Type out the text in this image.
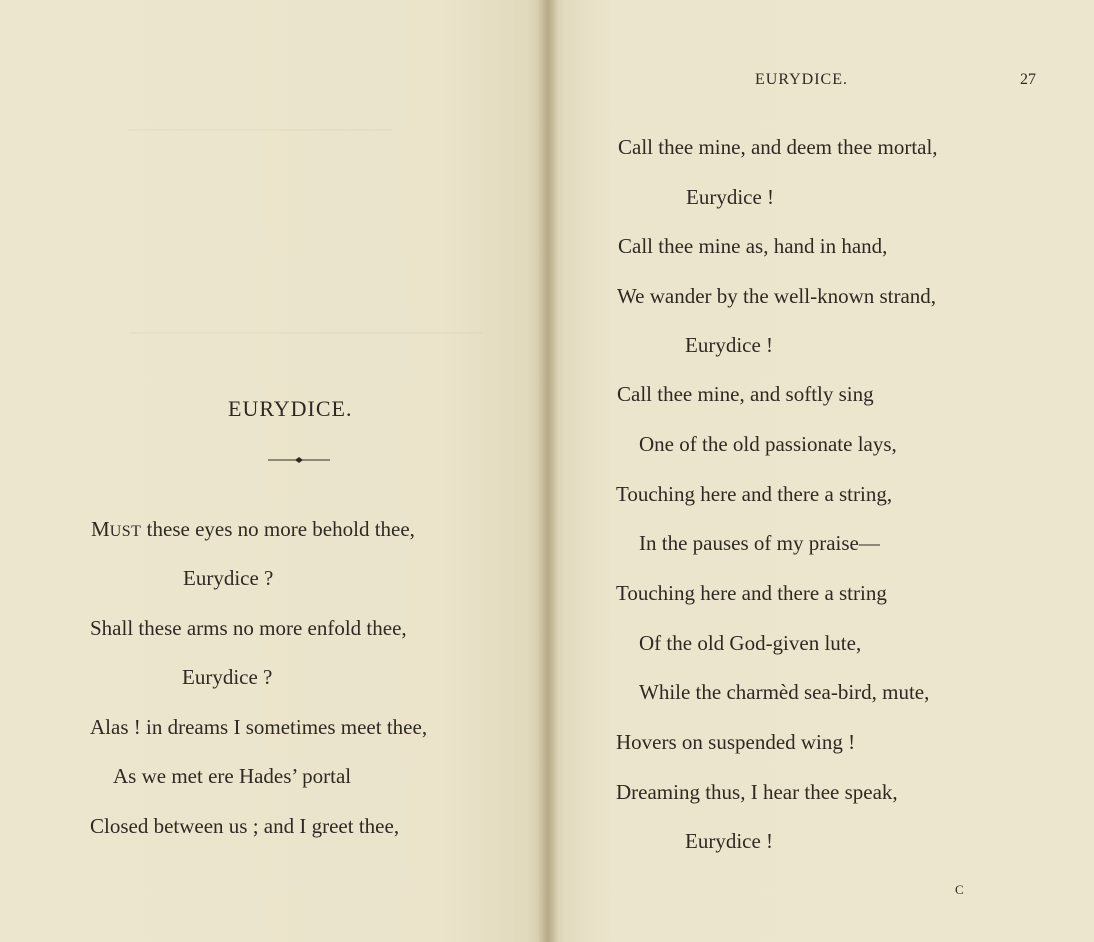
————————————
————————————————
EURYDICE.
MUST these eyes no more behold thee,
Eurydice ?
Shall these arms no more enfold thee,
Eurydice ?
Alas ! in dreams I sometimes meet thee,
As we met ere Hades’ portal
Closed between us ; and I greet thee,
EURYDICE.	27
Call thee mine, and deem thee mortal,
Eurydice !
Call thee mine as, hand in hand,
We wander by the well-known strand,
Eurydice !
Call thee mine, and softly sing
One of the old passionate lays,
Touching here and there a string,
In the pauses of my praise—
Touching here and there a string
Of the old God-given lute,
While the charmèd sea-bird, mute,
Hovers on suspended wing !
Dreaming thus, I hear thee speak,
Eurydice !
C
